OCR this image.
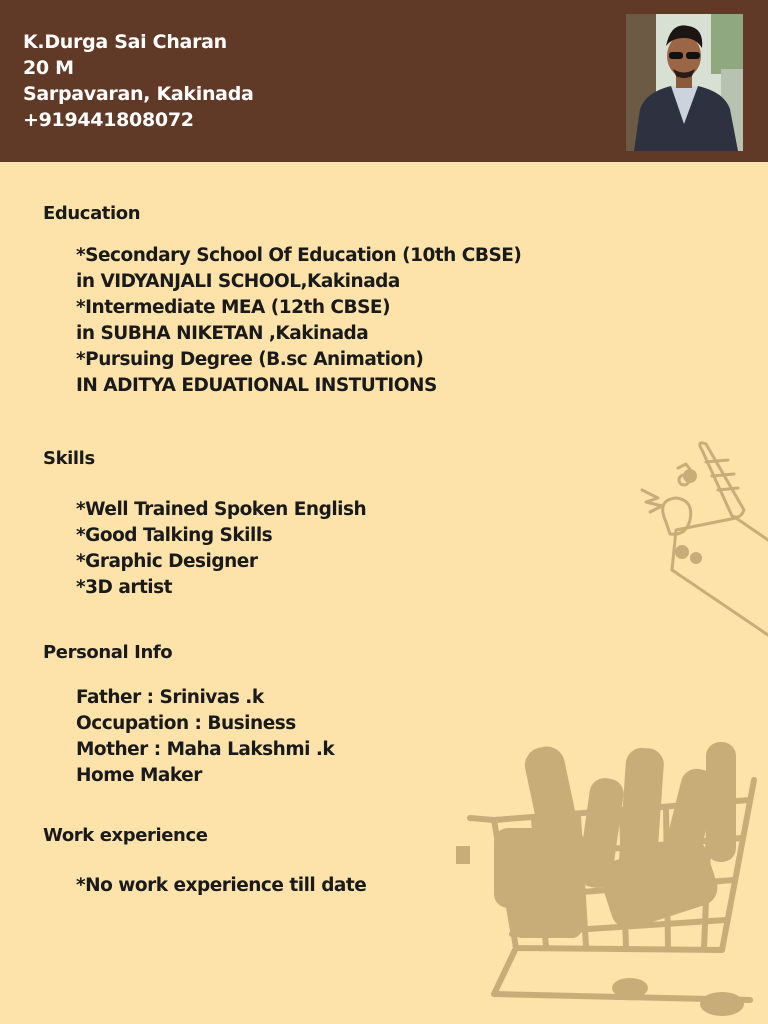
K.Durga Sai Charan
20 M
Sarpavaran, Kakinada
+919441808072
Education
*Secondary School Of Education (10th CBSE)
in VIDYANJALI SCHOOL,Kakinada
*Intermediate MEA (12th CBSE)
in SUBHA NIKETAN ,Kakinada
*Pursuing Degree (B.sc Animation)
IN ADITYA EDUATIONAL INSTUTIONS
Skills
*Well Trained Spoken English
*Good Talking Skills
*Graphic Designer
*3D artist
Personal Info
Father : Srinivas .k
Occupation : Business
Mother : Maha Lakshmi .k
Home Maker
Work experience
*No work experience till date
